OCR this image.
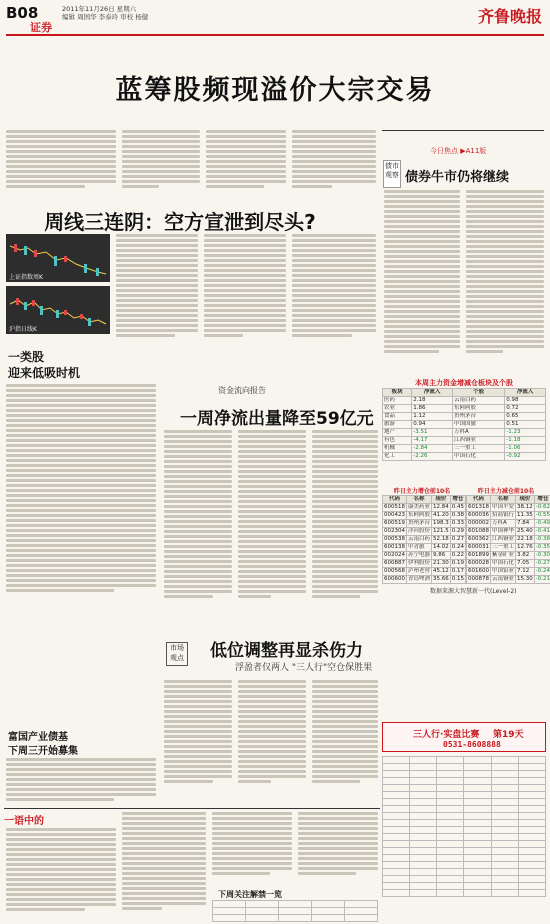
B08	2011年11月26日 星期六
编辑 周国华 李泰玲 审校 杨健
证券
齐鲁晚报
蓝筹股频现溢价大宗交易
今日焦点 ▶A11版
债市观察 债券牛市仍将继续
周线三连阴：空方宣泄到尽头?
上证指数周K
沪指日线K
一类股
迎来低吸时机
富国产业债基
下周三开始募集
资金流向报告
一周净流出量降至59亿元
市场观点 低位调整再显杀伤力
浮盈者仅两人 "三人行"空仓保胜果
本周主力资金增减仓板块及个股
板块	净流入	个股	净流入
医药	2.18	云南白药	0.98
农业	1.86	东阿阿胶	0.72
食品	1.12	贵州茅台	0.65
旅游	0.94	中国国旅	0.51
地产	-3.51	万科A	-1.23
有色	-4.17	江西铜业	-1.18
机械	-2.84	三一重工	-1.06
化工	-2.26	中国石化	-0.92
昨日主力增仓前10名	昨日主力减仓前10名
代码	名称	现价	增仓
600518	康美药业	12.84	0.45
000423	东阿阿胶	41.20	0.38
600519	贵州茅台	198.3	0.33
002304	洋河股份	121.5	0.29
000538	云南白药	52.18	0.27
600138	中青旅	14.02	0.24
002024	苏宁电器	9.86	0.22
600887	伊利股份	21.30	0.19
000568	泸州老窖	45.12	0.17
600600	青岛啤酒	35.66	0.15
代码	名称	现价	增仓
601318	中国平安	38.12	-0.62
600036	招商银行	11.35	-0.55
000002	万科A	7.84	-0.49
601088	中国神华	25.40	-0.41
600362	江西铜业	22.18	-0.38
600031	三一重工	12.76	-0.35
601899	紫金矿业	3.82	-0.30
600028	中国石化	7.05	-0.27
601600	中国铝业	7.12	-0.24
000878	云南铜业	15.30	-0.21
数据来源大智慧新一代(Level-2)
三人行·实盘比赛 第19天
0531-8608888

一语中的
下周关注解禁一览
